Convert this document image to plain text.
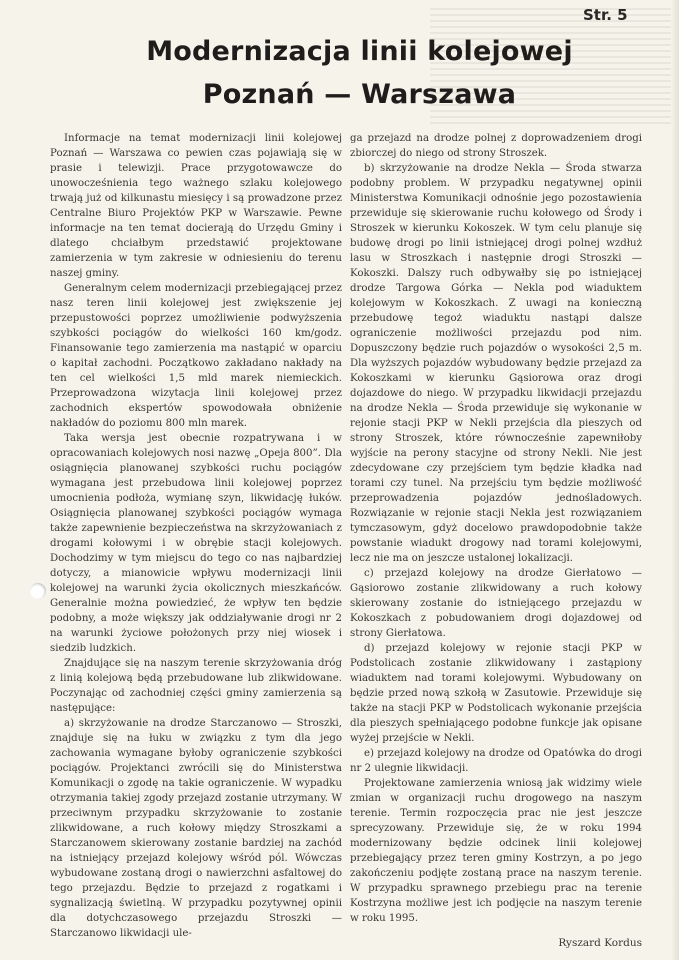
Str. 5
Modernizacja linii kolejowej
Poznań — Warszawa

Informacje na temat modernizacji linii kolejowej Poznań — Warszawa co pewien czas pojawiają się w prasie i telewizji. Prace przygotowawcze do unowocześnienia tego ważnego szlaku kolejowego trwają już od kilkunastu miesięcy i są prowadzone przez Centralne Biuro Projektów PKP w Warszawie. Pewne informacje na ten temat docierają do Urzędu Gminy i dlatego chciałbym przedstawić projektowane zamierzenia w tym zakresie w odniesieniu do terenu naszej gminy.

Generalnym celem modernizacji przebiegającej przez nasz teren linii kolejowej jest zwiększenie jej przepustowości poprzez umożliwienie podwyższenia szybkości pociągów do wielkości 160 km/godz. Finansowanie tego zamierzenia ma nastąpić w oparciu o kapitał zachodni. Początkowo zakładano nakłady na ten cel wielkości 1,5 mld marek niemieckich. Przeprowadzona wizytacja linii kolejowej przez zachodnich ekspertów spowodowała obniżenie nakładów do poziomu 800 mln marek.

Taka wersja jest obecnie rozpatrywana i w opracowaniach kolejowych nosi nazwę „Opeja 800”. Dla osiągnięcia planowanej szybkości ruchu pociągów wymagana jest przebudowa linii kolejowej poprzez umocnienia podłoża, wymianę szyn, likwidację łuków. Osiągnięcia planowanej szybkości pociągów wymaga także zapewnienie bezpieczeństwa na skrzyżowaniach z drogami kołowymi i w obrębie stacji kolejowych. Dochodzimy w tym miejscu do tego co nas najbardziej dotyczy, a mianowicie wpływu modernizacji linii kolejowej na warunki życia okolicznych mieszkańców. Generalnie można powiedzieć, że wpływ ten będzie podobny, a może większy jak oddziaływanie drogi nr 2 na warunki życiowe położonych przy niej wiosek i siedzib ludzkich.

Znajdujące się na naszym terenie skrzyżowania dróg z linią kolejową będą przebudowane lub zlikwidowane. Poczynając od zachodniej części gminy zamierzenia są następujące:

a) skrzyżowanie na drodze Starczanowo — Stroszki, znajduje się na łuku w związku z tym dla jego zachowania wymagane byłoby ograniczenie szybkości pociągów. Projektanci zwrócili się do Ministerstwa Komunikacji o zgodę na takie ograniczenie. W wypadku otrzymania takiej zgody przejazd zostanie utrzymany. W przeciwnym przypadku skrzyżowanie to zostanie zlikwidowane, a ruch kołowy między Stroszkami a Starczanowem skierowany zostanie bardziej na zachód na istniejący przejazd kolejowy wśród pól. Wówczas wybudowane zostaną drogi o nawierzchni asfaltowej do tego przejazdu. Będzie to przejazd z rogatkami i sygnalizacją świetlną. W przypadku pozytywnej opinii dla dotychczasowego przejazdu Stroszki — Starczanowo likwidacji ule-

ga przejazd na drodze polnej z doprowadzeniem drogi zbiorczej do niego od strony Stroszek.

b) skrzyżowanie na drodze Nekla — Środa stwarza podobny problem. W przypadku negatywnej opinii Ministerstwa Komunikacji odnośnie jego pozostawienia przewiduje się skierowanie ruchu kołowego od Środy i Stroszek w kierunku Kokoszek. W tym celu planuje się budowę drogi po linii istniejącej drogi polnej wzdłuż lasu w Stroszkach i następnie drogi Stroszki — Kokoszki. Dalszy ruch odbywałby się po istniejącej drodze Targowa Górka — Nekla pod wiaduktem kolejowym w Kokoszkach. Z uwagi na konieczną przebudowę tegoż wiaduktu nastąpi dalsze ograniczenie możliwości przejazdu pod nim. Dopuszczony będzie ruch pojazdów o wysokości 2,5 m. Dla wyższych pojazdów wybudowany będzie przejazd za Kokoszkami w kierunku Gąsiorowa oraz drogi dojazdowe do niego. W przypadku likwidacji przejazdu na drodze Nekla — Środa przewiduje się wykonanie w rejonie stacji PKP w Nekli przejścia dla pieszych od strony Stroszek, które równocześnie zapewniłoby wyjście na perony stacyjne od strony Nekli. Nie jest zdecydowane czy przejściem tym będzie kładka nad torami czy tunel. Na przejściu tym będzie możliwość przeprowadzenia pojazdów jednośladowych. Rozwiązanie w rejonie stacji Nekla jest rozwiązaniem tymczasowym, gdyż docelowo prawdopodobnie także powstanie wiadukt drogowy nad torami kolejowymi, lecz nie ma on jeszcze ustalonej lokalizacji.

c) przejazd kolejowy na drodze Gierłatowo — Gąsiorowo zostanie zlikwidowany a ruch kołowy skierowany zostanie do istniejącego przejazdu w Kokoszkach z pobudowaniem drogi dojazdowej od strony Gierłatowa.

d) przejazd kolejowy w rejonie stacji PKP w Podstolicach zostanie zlikwidowany i zastąpiony wiaduktem nad torami kolejowymi. Wybudowany on będzie przed nową szkołą w Zasutowie. Przewiduje się także na stacji PKP w Podstolicach wykonanie przejścia dla pieszych spełniającego podobne funkcje jak opisane wyżej przejście w Nekli.

e) przejazd kolejowy na drodze od Opatówka do drogi nr 2 ulegnie likwidacji.

Projektowane zamierzenia wniosą jak widzimy wiele zmian w organizacji ruchu drogowego na naszym terenie. Termin rozpoczęcia prac nie jest jeszcze sprecyzowany. Przewiduje się, że w roku 1994 modernizowany będzie odcinek linii kolejowej przebiegający przez teren gminy Kostrzyn, a po jego zakończeniu podjęte zostaną prace na naszym terenie. W przypadku sprawnego przebiegu prac na terenie Kostrzyna możliwe jest ich podjęcie na naszym terenie w roku 1995.

Ryszard Kordus
